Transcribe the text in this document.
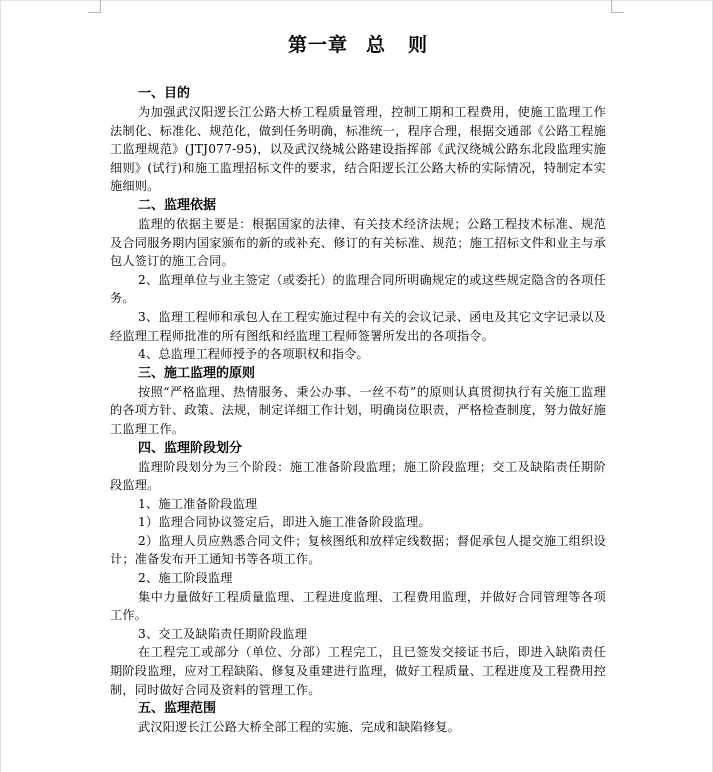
第一章 总 则
一、目的
为加强武汉阳逻长江公路大桥工程质量管理，控制工期和工程费用，使施工监理工作法制化、标准化、规范化，做到任务明确，标准统一，程序合理，根据交通部《公路工程施工监理规范》(JTJ077-95)，以及武汉绕城公路建设指挥部《武汉绕城公路东北段监理实施细则》(试行)和施工监理招标文件的要求，结合阳逻长江公路大桥的实际情况，特制定本实施细则。
二、监理依据
监理的依据主要是：根据国家的法律、有关技术经济法规；公路工程技术标准、规范及合同服务期内国家颁布的新的或补充、修订的有关标准、规范；施工招标文件和业主与承包人签订的施工合同。
2、监理单位与业主签定（或委托）的监理合同所明确规定的或这些规定隐含的各项任务。
3、监理工程师和承包人在工程实施过程中有关的会议记录、函电及其它文字记录以及经监理工程师批准的所有图纸和经监理工程师签署所发出的各项指令。
4、总监理工程师授予的各项职权和指令。
三、施工监理的原则
按照“严格监理、热情服务、秉公办事、一丝不苟”的原则认真贯彻执行有关施工监理的各项方针、政策、法规，制定详细工作计划，明确岗位职责，严格检查制度，努力做好施工监理工作。
四、监理阶段划分
监理阶段划分为三个阶段：施工准备阶段监理；施工阶段监理；交工及缺陷责任期阶段监理。
1、施工准备阶段监理
1）监理合同协议签定后，即进入施工准备阶段监理。
2）监理人员应熟悉合同文件；复核图纸和放样定线数据；督促承包人提交施工组织设计；准备发布开工通知书等各项工作。
2、施工阶段监理
集中力量做好工程质量监理、工程进度监理、工程费用监理，并做好合同管理等各项工作。
3、交工及缺陷责任期阶段监理
在工程完工或部分（单位、分部）工程完工，且已签发交接证书后，即进入缺陷责任期阶段监理，应对工程缺陷、修复及重建进行监理，做好工程质量、工程进度及工程费用控制，同时做好合同及资料的管理工作。
五、监理范围
武汉阳逻长江公路大桥全部工程的实施、完成和缺陷修复。
